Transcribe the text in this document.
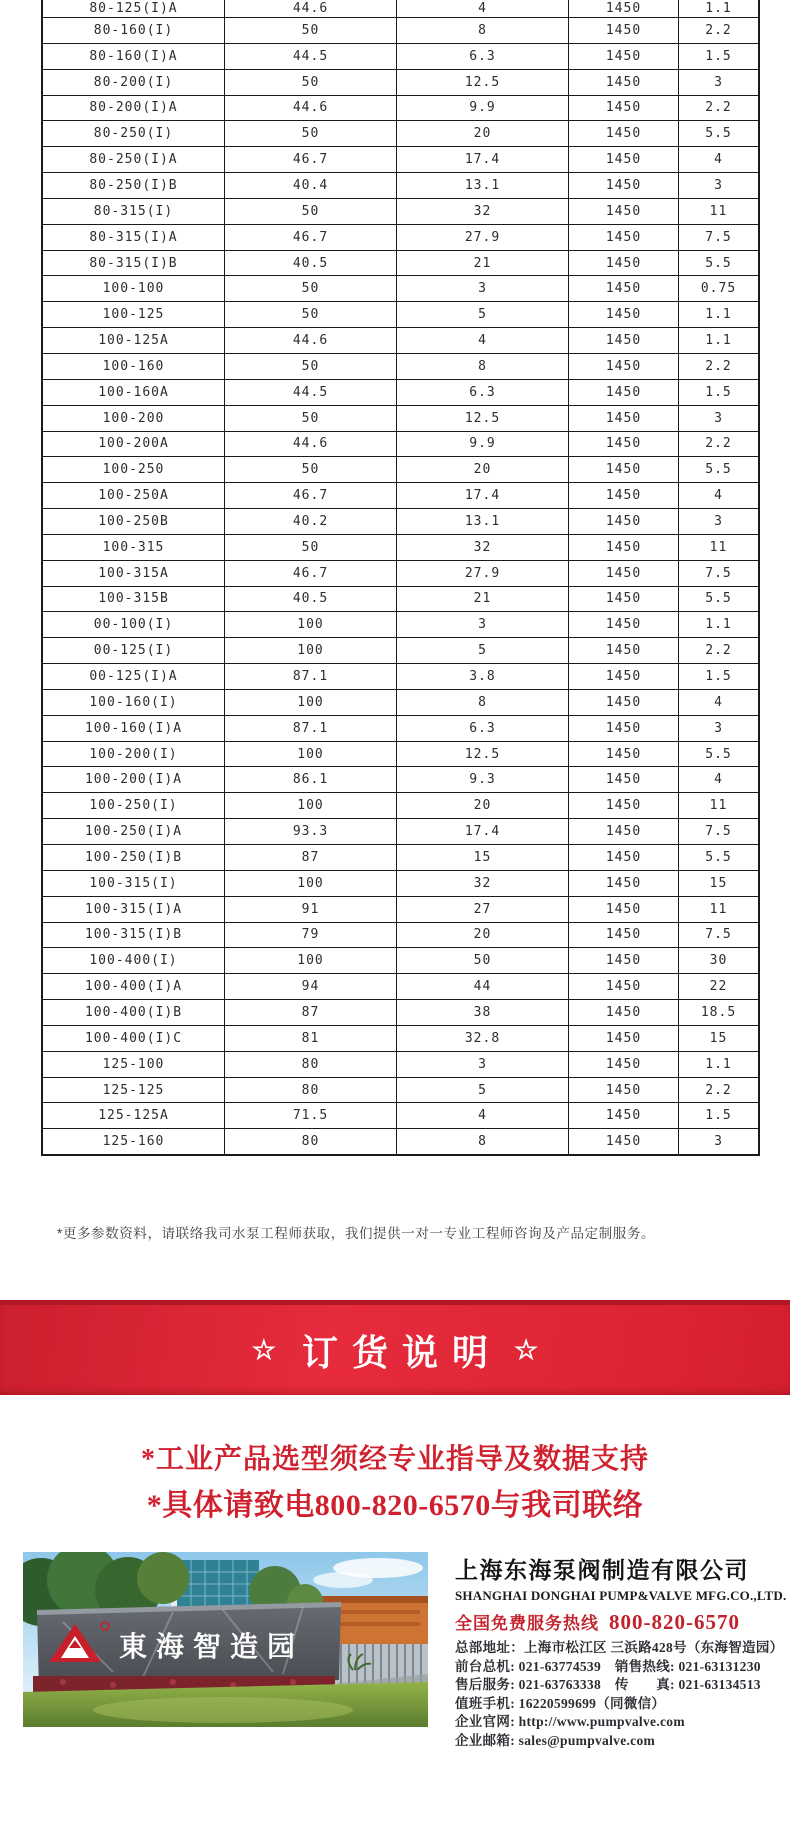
80-125(I)A	44.6	4	1450	1.1
80-160(I)	50	8	1450	2.2
80-160(I)A	44.5	6.3	1450	1.5
80-200(I)	50	12.5	1450	3
80-200(I)A	44.6	9.9	1450	2.2
80-250(I)	50	20	1450	5.5
80-250(I)A	46.7	17.4	1450	4
80-250(I)B	40.4	13.1	1450	3
80-315(I)	50	32	1450	11
80-315(I)A	46.7	27.9	1450	7.5
80-315(I)B	40.5	21	1450	5.5
100-100	50	3	1450	0.75
100-125	50	5	1450	1.1
100-125A	44.6	4	1450	1.1
100-160	50	8	1450	2.2
100-160A	44.5	6.3	1450	1.5
100-200	50	12.5	1450	3
100-200A	44.6	9.9	1450	2.2
100-250	50	20	1450	5.5
100-250A	46.7	17.4	1450	4
100-250B	40.2	13.1	1450	3
100-315	50	32	1450	11
100-315A	46.7	27.9	1450	7.5
100-315B	40.5	21	1450	5.5
00-100(I)	100	3	1450	1.1
00-125(I)	100	5	1450	2.2
00-125(I)A	87.1	3.8	1450	1.5
100-160(I)	100	8	1450	4
100-160(I)A	87.1	6.3	1450	3
100-200(I)	100	12.5	1450	5.5
100-200(I)A	86.1	9.3	1450	4
100-250(I)	100	20	1450	11
100-250(I)A	93.3	17.4	1450	7.5
100-250(I)B	87	15	1450	5.5
100-315(I)	100	32	1450	15
100-315(I)A	91	27	1450	11
100-315(I)B	79	20	1450	7.5
100-400(I)	100	50	1450	30
100-400(I)A	94	44	1450	22
100-400(I)B	87	38	1450	18.5
100-400(I)C	81	32.8	1450	15
125-100	80	3	1450	1.1
125-125	80	5	1450	2.2
125-125A	71.5	4	1450	1.5
125-160	80	8	1450	3

*更多参数资料，请联络我司水泵工程师获取，我们提供一对一专业工程师咨询及产品定制服务。

☆ 订货说明 ☆
*工业产品选型须经专业指导及数据支持
*具体请致电800-820-6570与我司联络
東海智造园
上海东海泵阀制造有限公司
SHANGHAI DONGHAI PUMP&VALVE MFG.CO.,LTD.
全国免费服务热线 800-820-6570
总部地址：上海市松江区 三浜路428号（东海智造园）
前台总机: 021-63774539　销售热线: 021-63131230
售后服务: 021-63763338　传　　真: 021-63134513
值班手机: 16220599699（同微信）
企业官网: http://www.pumpvalve.com
企业邮箱: sales@pumpvalve.com
